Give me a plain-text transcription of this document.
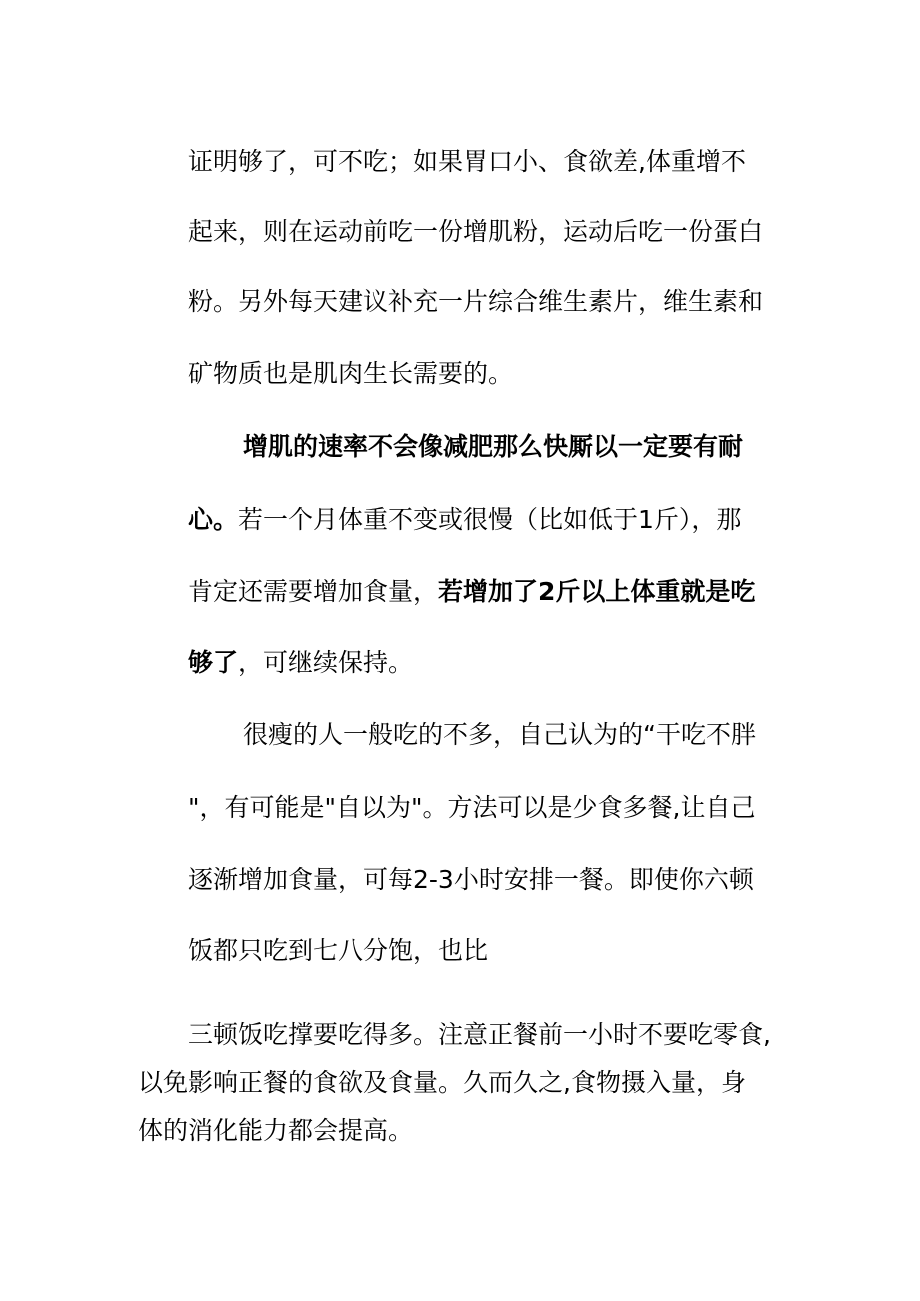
证明够了，可不吃；如果胃口小、食欲差,体重增不
起来，则在运动前吃一份增肌粉，运动后吃一份蛋白
粉。另外每天建议补充一片综合维生素片，维生素和
矿物质也是肌肉生长需要的。
增肌的速率不会像减肥那么快厮以一定要有耐
心。若一个月体重不变或很慢（比如低于1斤），那
肯定还需要增加食量，若增加了2斤以上体重就是吃
够了，可继续保持。
很瘦的人一般吃的不多，自己认为的“干吃不胖
"，有可能是"自以为"。方法可以是少食多餐,让自己
逐渐增加食量，可每2-3小时安排一餐。即使你六顿
饭都只吃到七八分饱，也比
三顿饭吃撑要吃得多。注意正餐前一小时不要吃零食,
以免影响正餐的食欲及食量。久而久之,食物摄入量，身
体的消化能力都会提高。
